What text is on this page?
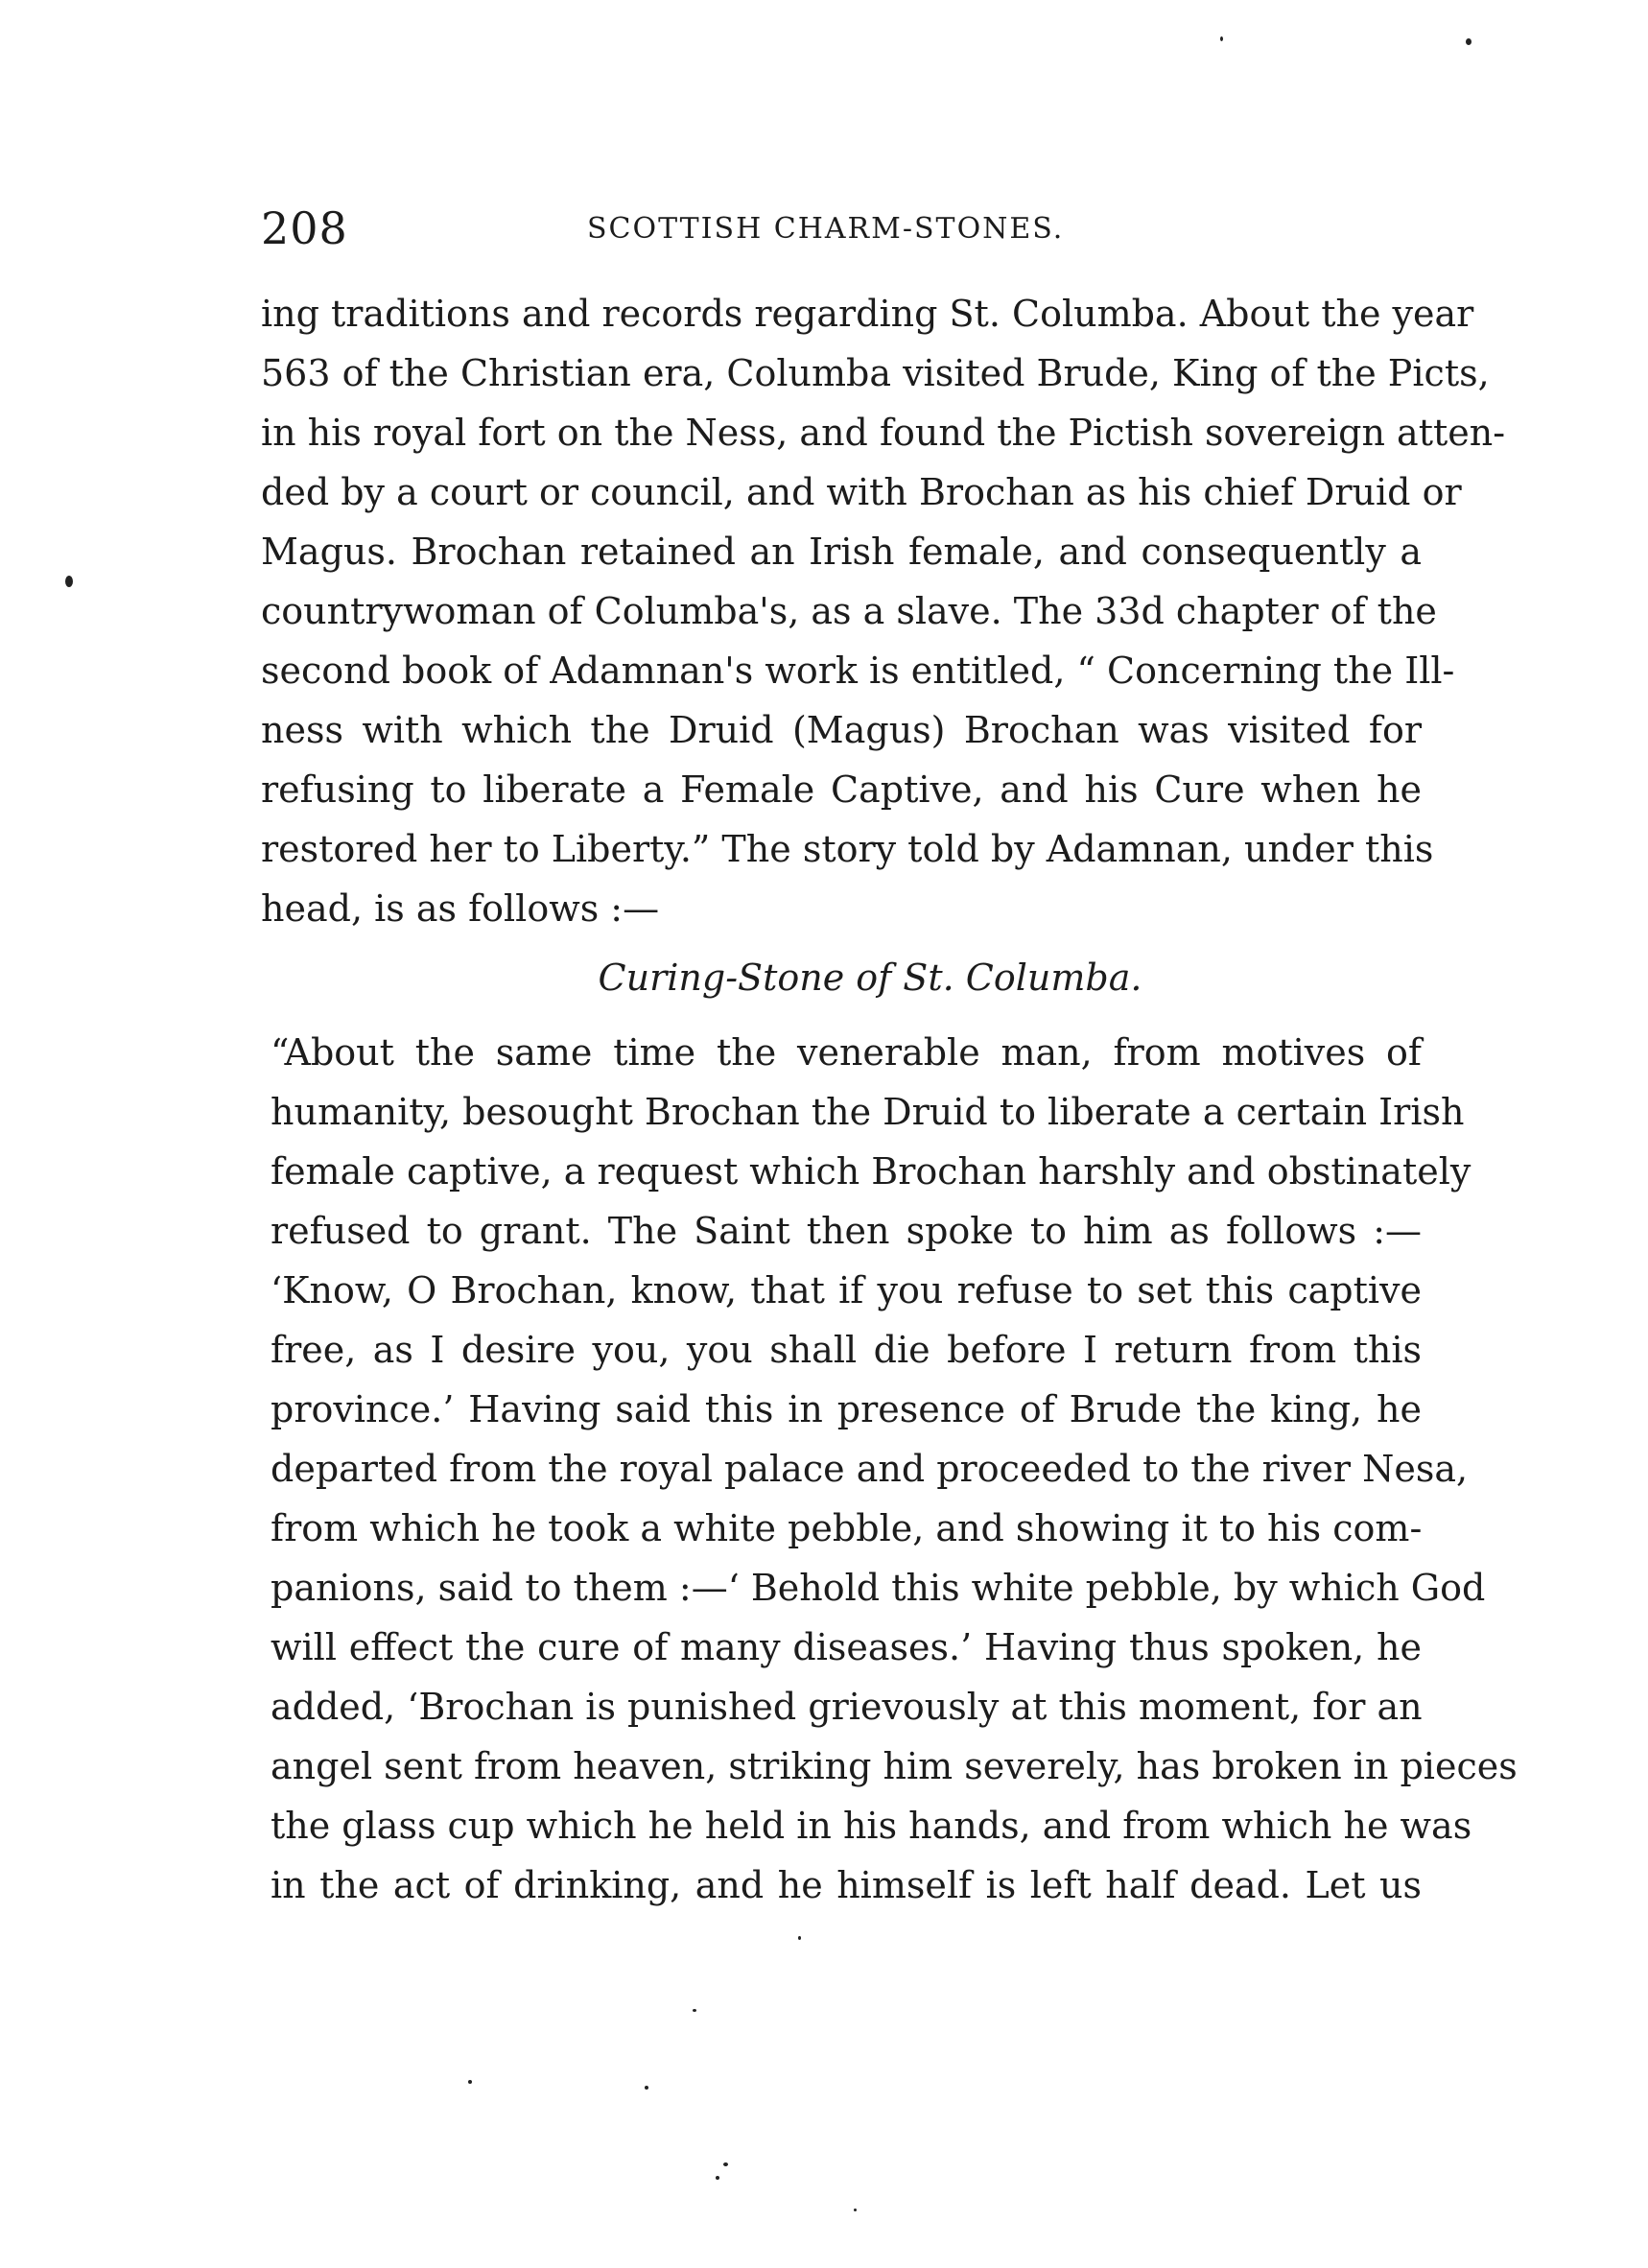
208	SCOTTISH CHARM-STONES.
ing traditions and records regarding St. Columba. About the year
563 of the Christian era, Columba visited Brude, King of the Picts,
in his royal fort on the Ness, and found the Pictish sovereign atten-
ded by a court or council, and with Brochan as his chief Druid or
Magus. Brochan retained an Irish female, and consequently a
countrywoman of Columba's, as a slave. The 33d chapter of the
second book of Adamnan's work is entitled, “ Concerning the Ill-
ness with which the Druid (Magus) Brochan was visited for
refusing to liberate a Female Captive, and his Cure when he
restored her to Liberty.” The story told by Adamnan, under this
head, is as follows :—
Curing-Stone of St. Columba.
“About the same time the venerable man, from motives of
humanity, besought Brochan the Druid to liberate a certain Irish
female captive, a request which Brochan harshly and obstinately
refused to grant. The Saint then spoke to him as follows :—
‘Know, O Brochan, know, that if you refuse to set this captive
free, as I desire you, you shall die before I return from this
province.’ Having said this in presence of Brude the king, he
departed from the royal palace and proceeded to the river Nesa,
from which he took a white pebble, and showing it to his com-
panions, said to them :—‘ Behold this white pebble, by which God
will effect the cure of many diseases.’ Having thus spoken, he
added, ‘Brochan is punished grievously at this moment, for an
angel sent from heaven, striking him severely, has broken in pieces
the glass cup which he held in his hands, and from which he was
in the act of drinking, and he himself is left half dead. Let us
